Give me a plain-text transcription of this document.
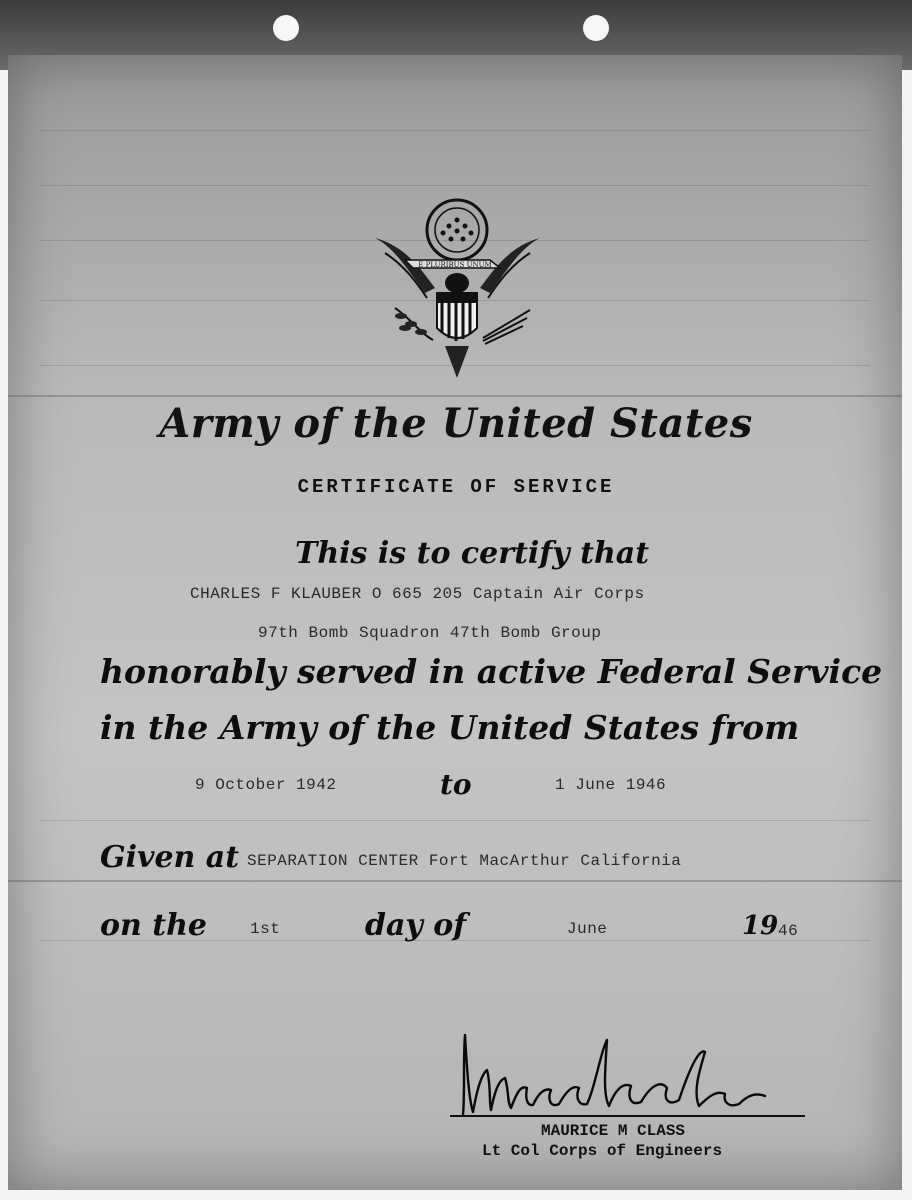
E PLURIBUS UNUM
Army of the United States
CERTIFICATE OF SERVICE
This is to certify that
CHARLES F KLAUBER O 665 205 Captain Air Corps
97th Bomb Squadron 47th Bomb Group
honorably served in active Federal Service
in the Army of the United States from
9 October 1942	to	1 June 1946
Given at SEPARATION CENTER Fort MacArthur California
on the	1st	day of	June	19 46
MAURICE M CLASS
Lt Col Corps of Engineers
